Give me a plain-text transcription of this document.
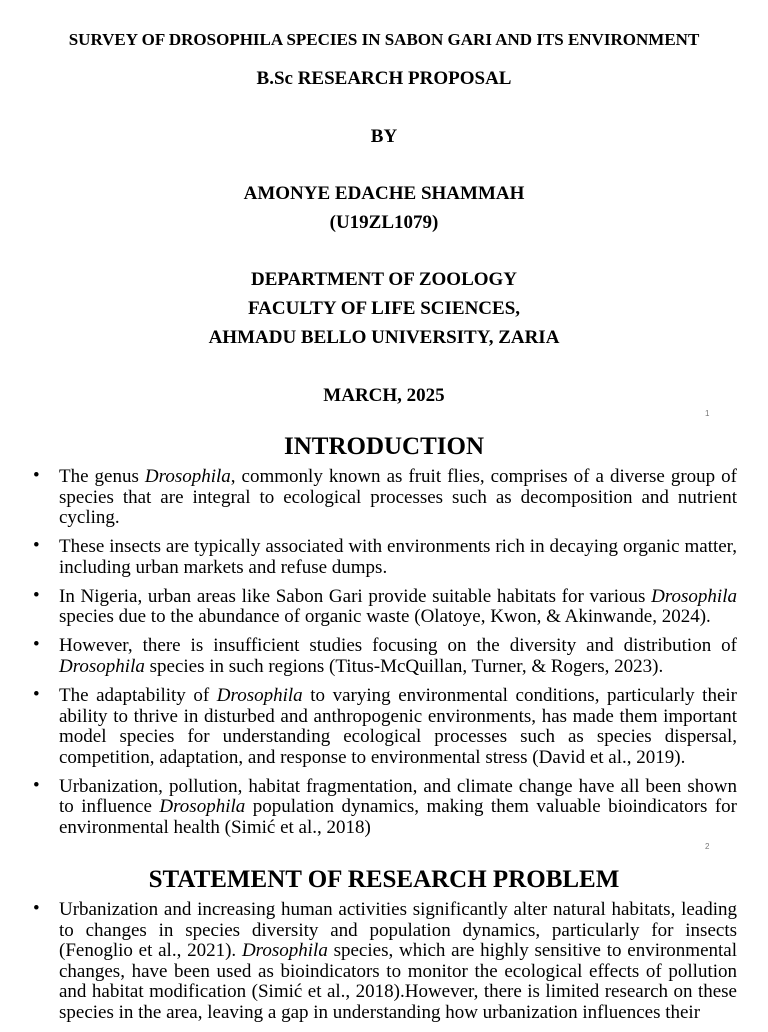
SURVEY OF DROSOPHILA SPECIES IN SABON GARI AND ITS ENVIRONMENT
B.Sc RESEARCH PROPOSAL
BY
AMONYE EDACHE SHAMMAH
(U19ZL1079)
DEPARTMENT OF ZOOLOGY
FACULTY OF LIFE SCIENCES,
AHMADU BELLO UNIVERSITY, ZARIA
MARCH, 2025
1
INTRODUCTION
• The genus Drosophila, commonly known as fruit flies, comprises of a diverse group of species that are integral to ecological processes such as decomposition and nutrient cycling.
• These insects are typically associated with environments rich in decaying organic matter, including urban markets and refuse dumps.
• In Nigeria, urban areas like Sabon Gari provide suitable habitats for various Drosophila species due to the abundance of organic waste (Olatoye, Kwon, & Akinwande, 2024).
• However, there is insufficient studies focusing on the diversity and distribution of Drosophila species in such regions (Titus-McQuillan, Turner, & Rogers, 2023).
• The adaptability of Drosophila to varying environmental conditions, particularly their ability to thrive in disturbed and anthropogenic environments, has made them important model species for understanding ecological processes such as species dispersal, competition, adaptation, and response to environmental stress (David et al., 2019).
• Urbanization, pollution, habitat fragmentation, and climate change have all been shown to influence Drosophila population dynamics, making them valuable bioindicators for environmental health (Simić et al., 2018)
2
STATEMENT OF RESEARCH PROBLEM
• Urbanization and increasing human activities significantly alter natural habitats, leading to changes in species diversity and population dynamics, particularly for insects (Fenoglio et al., 2021). Drosophila species, which are highly sensitive to environmental changes, have been used as bioindicators to monitor the ecological effects of pollution and habitat modification (Simić et al., 2018).However, there is limited research on these species in the area, leaving a gap in understanding how urbanization influences their
